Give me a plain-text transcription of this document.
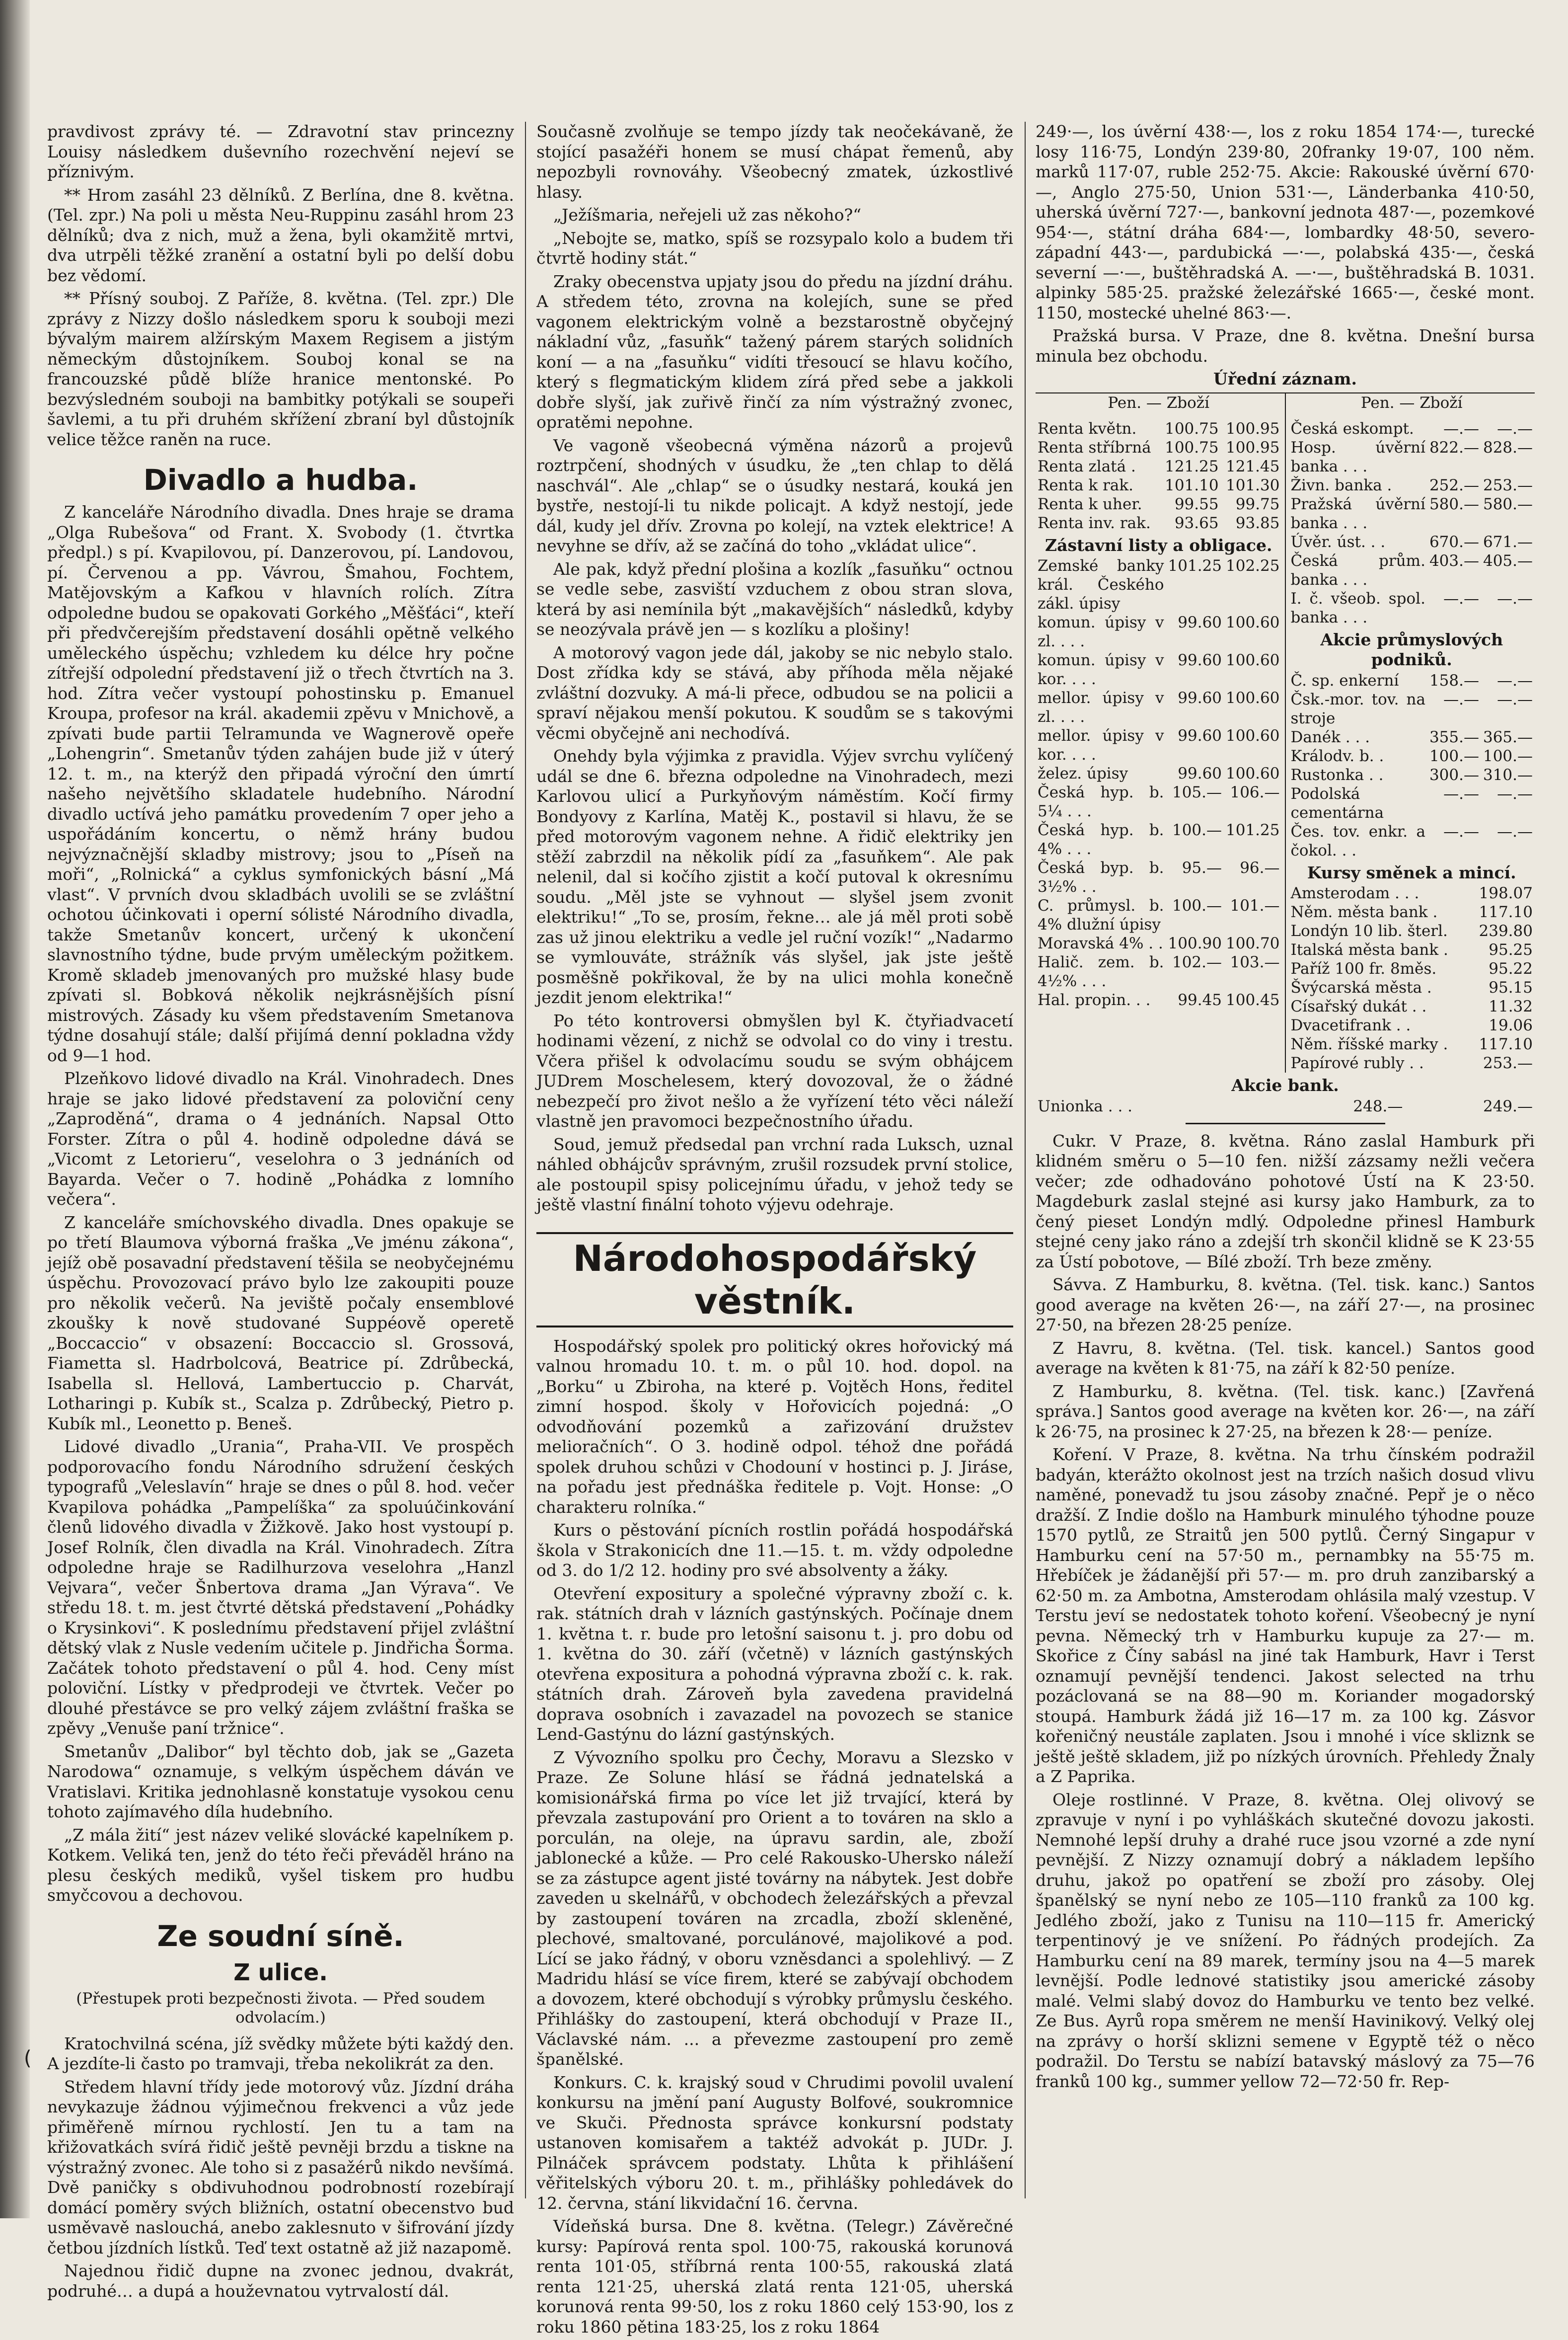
pravdivost zprávy té. — Zdravotní stav princezny Louisy následkem duševního rozechvění nejeví se příznivým.

** Hrom zasáhl 23 dělníků. Z Berlína, dne 8. května. (Tel. zpr.) Na poli u města Neu-Ruppinu zasáhl hrom 23 dělníků; dva z nich, muž a žena, byli okamžitě mrtvi, dva utrpěli těžké zranění a ostatní byli po delší dobu bez vědomí.

** Přísný souboj. Z Paříže, 8. května. (Tel. zpr.) Dle zprávy z Nizzy došlo následkem sporu k souboji mezi bývalým mairem alžírským Maxem Regisem a jistým německým důstojníkem. Souboj konal se na francouzské půdě blíže hranice mentonské. Po bezvýsledném souboji na bambitky potýkali se soupeři šavlemi, a tu při druhém skřížení zbraní byl důstojník velice těžce raněn na ruce.

Divadlo a hudba.

Z kanceláře Národního divadla. Dnes hraje se drama „Olga Rubešova“ od Frant. X. Svobody (1. čtvrtka předpl.) s pí. Kvapilovou, pí. Danzerovou, pí. Landovou, pí. Červenou a pp. Vávrou, Šmahou, Fochtem, Matějovským a Kafkou v hlavních rolích. Zítra odpoledne budou se opakovati Gorkého „Měšťáci“, kteří při předvčerejším představení dosáhli opětně velkého uměleckého úspěchu; vzhledem ku délce hry počne zítřejší odpolední představení již o třech čtvrtích na 3. hod. Zítra večer vystoupí pohostinsku p. Emanuel Kroupa, profesor na král. akademii zpěvu v Mnichově, a zpívati bude partii Telramunda ve Wagnerově opeře „Lohengrin“. Smetanův týden zahájen bude již v úterý 12. t. m., na kterýž den připadá výroční den úmrtí našeho největšího skladatele hudebního. Národní divadlo uctívá jeho památku provedením 7 oper jeho a uspořádáním koncertu, o němž hrány budou nejvýznačnější skladby mistrovy; jsou to „Píseň na moři“, „Rolnická“ a cyklus symfonických básní „Má vlast“. V prvních dvou skladbách uvolili se se zvláštní ochotou účinkovati i operní sólisté Národního divadla, takže Smetanův koncert, určený k ukončení slavnostního týdne, bude prvým uměleckým požitkem. Kromě skladeb jmenovaných pro mužské hlasy bude zpívati sl. Bobková několik nejkrásnějších písní mistrových. Zásady ku všem představením Smetanova týdne dosahují stále; další přijímá denní pokladna vždy od 9—1 hod.

Plzeňkovo lidové divadlo na Král. Vinohradech. Dnes hraje se jako lidové představení za poloviční ceny „Zaproděná“, drama o 4 jednáních. Napsal Otto Forster. Zítra o půl 4. hodině odpoledne dává se „Vicomt z Letorieru“, veselohra o 3 jednáních od Bayarda. Večer o 7. hodině „Pohádka z lomního večera“.

Z kanceláře smíchovského divadla. Dnes opakuje se po třetí Blaumova výborná fraška „Ve jménu zákona“, jejíž obě posavadní představení těšila se neobyčejnému úspěchu. Provozovací právo bylo lze zakoupiti pouze pro několik večerů. Na jeviště počaly ensemblové zkoušky k nově studované Suppéově operetě „Boccaccio“ v obsazení: Boccaccio sl. Grossová, Fiametta sl. Hadrbolcová, Beatrice pí. Zdrůbecká, Isabella sl. Hellová, Lambertuccio p. Charvát, Lotharingi p. Kubík st., Scalza p. Zdrůbecký, Pietro p. Kubík ml., Leonetto p. Beneš.

Lidové divadlo „Urania“, Praha-VII. Ve prospěch podporovacího fondu Národního sdružení českých typografů „Veleslavín“ hraje se dnes o půl 8. hod. večer Kvapilova pohádka „Pampelíška“ za spoluúčinkování členů lidového divadla v Žižkově. Jako host vystoupí p. Josef Rolník, člen divadla na Král. Vinohradech. Zítra odpoledne hraje se Radilhurzova veselohra „Hanzl Vejvara“, večer Šnbertova drama „Jan Výrava“. Ve středu 18. t. m. jest čtvrté dětská představení „Pohádky o Krysinkovi“. K poslednímu představení přijel zvláštní dětský vlak z Nusle vedením učitele p. Jindřicha Šorma. Začátek tohoto představení o půl 4. hod. Ceny míst poloviční. Lístky v předprodeji ve čtvrtek. Večer po dlouhé přestávce se pro velký zájem zvláštní fraška se zpěvy „Venuše paní tržnice“.

Smetanův „Dalibor“ byl těchto dob, jak se „Gazeta Narodowa“ oznamuje, s velkým úspěchem dáván ve Vratislavi. Kritika jednohlasně konstatuje vysokou cenu tohoto zajímavého díla hudebního.

„Z mála žití“ jest název veliké slovácké kapelníkem p. Kotkem. Veliká ten, jenž do této řeči převáděl hráno na plesu českých mediků, vyšel tiskem pro hudbu smyčcovou a dechovou.

Ze soudní síně.
Z ulice.
(Přestupek proti bezpečnosti života. — Před soudem odvolacím.)

Kratochvilná scéna, jíž svědky můžete býti každý den. A jezdíte-li často po tramvaji, třeba nekolikrát za den.

Středem hlavní třídy jede motorový vůz. Jízdní dráha nevykazuje žádnou výjimečnou frekvenci a vůz jede přiměřeně mírnou rychlostí. Jen tu a tam na křižovatkách svírá řidič ještě pevněji brzdu a tiskne na výstražný zvonec. Ale toho si z pasažérů nikdo nevšímá. Dvě paničky s obdivuhodnou podrobností rozebírají domácí poměry svých bližních, ostatní obecenstvo bud usměvavě naslouchá, anebo zaklesnuto v šifrování jízdy četbou jízdních lístků. Teď text ostatně až již nazapomě.

Najednou řidič dupne na zvonec jednou, dvakrát, podruhé… a dupá a houževnatou vytrvalostí dál.

Současně zvolňuje se tempo jízdy tak neočekávaně, že stojící pasažéři honem se musí chápat řemenů, aby nepozbyli rovnováhy. Všeobecný zmatek, úzkostlivé hlasy.

„Ježíšmaria, neřejeli už zas někoho?“

„Nebojte se, matko, spíš se rozsypalo kolo a budem tři čtvrtě hodiny stát.“

Zraky obecenstva upjaty jsou do předu na jízdní dráhu. A středem této, zrovna na kolejích, sune se před vagonem elektrickým volně a bezstarostně obyčejný nákladní vůz, „fasuňk“ tažený párem starých solidních koní — a na „fasuňku“ vidíti třesoucí se hlavu kočího, který s flegmatickým klidem zírá před sebe a jakkoli dobře slyší, jak zuřivě řinčí za ním výstražný zvonec, opratěmi nepohne.

Ve vagoně všeobecná výměna názorů a projevů roztrpčení, shodných v úsudku, že „ten chlap to dělá naschvál“. Ale „chlap“ se o úsudky nestará, kouká jen bystře, nestojí-li tu nikde policajt. A když nestojí, jede dál, kudy jel dřív. Zrovna po kolejí, na vztek elektrice! A nevyhne se dřív, až se začíná do toho „vkládat ulice“.

Ale pak, když přední plošina a kozlík „fasuňku“ octnou se vedle sebe, zasviští vzduchem z obou stran slova, která by asi nemínila být „makavějších“ následků, kdyby se neozývala právě jen — s kozlíku a plošiny!

A motorový vagon jede dál, jakoby se nic nebylo stalo. Dost zřídka kdy se stává, aby příhoda měla nějaké zvláštní dozvuky. A má-li přece, odbudou se na policii a spraví nějakou menší pokutou. K soudům se s takovými věcmi obyčejně ani nechodívá.

Onehdy byla výjimka z pravidla. Výjev svrchu vylíčený udál se dne 6. března odpoledne na Vinohradech, mezi Karlovou ulicí a Purkyňovým náměstím. Kočí firmy Bondyovy z Karlína, Matěj K., postavil si hlavu, že se před motorovým vagonem nehne. A řidič elektriky jen stěží zabrzdil na několik pídí za „fasuňkem“. Ale pak nelenil, dal si kočího zjistit a kočí putoval k okresnímu soudu. „Měl jste se vyhnout — slyšel jsem zvonit elektriku!“ „To se, prosím, řekne… ale já měl proti sobě zas už jinou elektriku a vedle jel ruční vozík!“ „Nadarmo se vymlouváte, strážník vás slyšel, jak jste ještě posměšně pokřikoval, že by na ulici mohla konečně jezdit jenom elektrika!“

Po této kontroversi obmyšlen byl K. čtyřiadvacetí hodinami vězení, z nichž se odvolal co do viny i trestu. Včera přišel k odvolacímu soudu se svým obhájcem JUDrem Moschelesem, který dovozoval, že o žádné nebezpečí pro život nešlo a že vyřízení této věci náleží vlastně jen pravomoci bezpečnostního úřadu.

Soud, jemuž předsedal pan vrchní rada Luksch, uznal náhled obhájcův správným, zrušil rozsudek první stolice, ale postoupil spisy policejnímu úřadu, v jehož tedy se ještě vlastní finální tohoto výjevu odehraje.

Národohospodářský věstník.

Hospodářský spolek pro politický okres hořovický má valnou hromadu 10. t. m. o půl 10. hod. dopol. na „Borku“ u Zbiroha, na které p. Vojtěch Hons, ředitel zimní hospod. školy v Hořovicích pojedná: „O odvodňování pozemků a zařizování družstev melioračních“. O 3. hodině odpol. téhož dne pořádá spolek druhou schůzi v Chodouní v hostinci p. J. Jiráse, na pořadu jest přednáška ředitele p. Vojt. Honse: „O charakteru rolníka.“

Kurs o pěstování pícních rostlin pořádá hospodářská škola v Strakonicích dne 11.—15. t. m. vždy odpoledne od 3. do 1/2 12. hodiny pro své absolventy a žáky.

Otevření expositury a společné výpravny zboží c. k. rak. státních drah v lázních gastýnských. Počínaje dnem 1. května t. r. bude pro letošní saisonu t. j. pro dobu od 1. května do 30. září (včetně) v lázních gastýnských otevřena expositura a pohodná výpravna zboží c. k. rak. státních drah. Zároveň byla zavedena pravidelná dopravа osobních i zavazadel na povozech se stanice Lend-Gastýnu do lázní gastýnských.

Z Vývozního spolku pro Čechy, Moravu a Slezsko v Praze. Ze Solune hlásí se řádná jednatelská a komisionářská firma po více let již trvající, která by převzala zastupování pro Orient a to továren na sklo a porculán, na oleje, na úpravu sardin, ale, zboží jablonecké a kůže. — Pro celé Rakousko-Uhersko náleží se za zástupce agent jisté továrny na nábytek. Jest dobře zaveden u skelnářů, v obchodech železářských a převzal by zastoupení továren na zrcadla, zboží skleněné, plechové, smaltované, porculánové, majolikové a pod. Lící se jako řádný, v oboru vzněsdanci a spolehlivý. — Z Madridu hlásí se více firem, které se zabývají obchodem a dovozem, které obchodují s výrobky průmyslu českého. Přihlášky do zastoupení, která obchodují v Praze II., Václavské nám. ... a převezme zastoupení pro země španělské.

Konkurs. C. k. krajský soud v Chrudimi povolil uvalení konkursu na jmění paní Augusty Bolfové, soukromnice ve Skuči. Přednosta správce konkursní podstaty ustanoven komisařem a taktéž advokát p. JUDr. J. Pilnáček správcem podstaty. Lhůta k přihlášení věřitelských výboru 20. t. m., přihlášky pohledávek do 12. června, stání likvidační 16. června.

Vídeňská bursa. Dne 8. května. (Telegr.) Závěrečné kursy: Papírová renta spol. 100·75, rakouská korunová renta 101·05, stříbrná renta 100·55, rakouská zlatá renta 121·25, uherská zlatá renta 121·05, uherská korunová renta 99·50, los z roku 1860 celý 153·90, los z roku 1860 pětina 183·25, los z roku 1864

249·—, los úvěrní 438·—, los z roku 1854 174·—, turecké losy 116·75, Londýn 239·80, 20franky 19·07, 100 něm. marků 117·07, ruble 252·75. Akcie: Rakouské úvěrní 670·—, Anglo 275·50, Union 531·—, Länderbanka 410·50, uherská úvěrní 727·—, bankovní jednota 487·—, pozemkové 954·—, státní dráha 684·—, lombardky 48·50, severo-západní 443·—, pardubická —·—, polabská 435·—, česká severní —·—, buštěhradská A. —·—, buštěhradská B. 1031. alpinky 585·25. pražské železářské 1665·—, české mont. 1150, mostecké uhelné 863·—.

Pražská bursa. V Praze, dne 8. května. Dnešní bursa minula bez obchodu.

Úřední záznam.
Pen. — Zboží
Renta květn.	100.75	100.95
Renta stříbrná	100.75	100.95
Renta zlatá .	121.25	121.45
Renta k rak.	101.10	101.30
Renta k uher.	99.55	99.75
Renta inv. rak.	93.65	93.85
Zástavní listy a obligace.
Zemské banky král. Českého zákl. úpisy	101.25	102.25
komun. úpisy v zl. . . .	99.60	100.60
komun. úpisy v kor. . . .	99.60	100.60
mellor. úpisy v zl. . . .	99.60	100.60
mellor. úpisy v kor. . . .	99.60	100.60
želez. úpisy	99.60	100.60
Česká hyp. b. 5¼ . . .	105.—	106.—
Česká hyp. b. 4% . . .	100.—	101.25
Česká byp. b. 3½% . .	95.—	96.—
C. průmysl. b. 4% dlužní úpisy	100.—	101.—
Moravská 4% . .	100.90	100.70
Halič. zem. b. 4½% . . .	102.—	103.—
Hal. propin. . .	99.45	100.45
Pen. — Zboží
Česká eskompt.	—.—	—.—
Hosp. úvěrní banka . . .	822.—	828.—
Živn. banka .	252.—	253.—
Pražská úvěrní banka . . .	580.—	580.—
Úvěr. úst. . .	670.—	671.—
Česká prům. banka . . .	403.—	405.—
I. č. všeob. spol. banka . . .	—.—	—.—
Akcie průmyslových podniků.
Č. sp. enkerní	158.—	—.—
Čsk.-mor. tov. na stroje	—.—	—.—
Danék . . .	355.—	365.—
Králodv. b. .	100.—	100.—
Rustonka . .	300.—	310.—
Podolská cementárna	—.—	—.—
Čes. tov. enkr. a čokol. . .	—.—	—.—
Kursy směnek a mincí.
Amsterodam . . .	198.07
Něm. města bank .	117.10
Londýn 10 lib. šterl.	239.80
Italská města bank .	95.25
Paříž 100 fr. 8měs.	95.22
Švýcarská města .	95.15
Císařský dukát . .	11.32
Dvacetifrank . .	19.06
Něm. říšské marky .	117.10
Papírové rubly . .	253.—
Akcie bank.
Unionka . . .	248.—	249.—

Cukr. V Praze, 8. května. Ráno zaslal Hamburk při klidném směru o 5—10 fen. nižší zázsamy nežli večera večer; zde odhadováno pohotové Ústí na K 23·50. Magdeburk zaslal stejné asi kursy jako Hamburk, za to čený pieset Londýn mdlý. Odpoledne přinesl Hamburk stejné ceny jako ráno a zdejší trh skončil klidně se K 23·55 za Ústí pobotove, — Bílé zboží. Trh beze změny.

Sávva. Z Hamburku, 8. května. (Tel. tisk. kanc.) Santos good average na květen 26·—, na září 27·—, na prosinec 27·50, na březen 28·25 peníze.

Z Havru, 8. května. (Tel. tisk. kancel.) Santos good average na květen k 81·75, na září k 82·50 peníze.

Z Hamburku, 8. května. (Tel. tisk. kanc.) [Zavřená správa.] Santos good average na květen kor. 26·—, na září k 26·75, na prosinec k 27·25, na březen k 28·— peníze.

Koření. V Praze, 8. května. Na trhu čínském podražil badyán, kterážto okolnost jest na trzích našich dosud vlivu naměné, ponevadž tu jsou zásoby značné. Pepř je o něco dražší. Z Indie došlo na Hamburk minulého týhodne pouze 1570 pytlů, ze Straitů jen 500 pytlů. Černý Singapur v Hamburku cení na 57·50 m., pernambky na 55·75 m. Hřebíček je žádanější při 57·— m. pro druh zanzibarský a 62·50 m. za Ambotna, Amsterodam ohlásila malý vzestup. V Terstu jeví se nedostatek tohoto koření. Všeobecný je nyní pevna. Německý trh v Hamburku kupuje za 27·— m. Skořice z Číny sabásl na jiné tak Hamburk, Havr i Terst oznamují pevnější tendenci. Jakost selected na trhu pozáclovaná se na 88—90 m. Koriander mogadorský stoupá. Hamburk žádá již 16—17 m. za 100 kg. Zásvor kořeničný neustále zaplaten. Jsou i mnohé i více skliznk se ještě ještě skladem, již po nízkých úrovních. Přehledy Žnaly a Z Paprika.

Oleje rostlinné. V Praze, 8. května. Olej olivový se zpravuje v nyní i po vyhláškách skutečné dovozu jakosti. Nemnohé lepší druhy a drahé ruce jsou vzorné a zde nyní pevnější. Z Nizzy oznamují dobrý a nákladem lepšího druhu, jakož po opatření se zboží pro zásoby. Olej španělský se nyní nebo ze 105—110 franků za 100 kg. Jedlého zboží, jako z Tunisu na 110—115 fr. Americký terpentinový je ve snížení. Po řádných prodejích. Za Hamburku cení na 89 marek, termíny jsou na 4—5 marek levnější. Podle lednové statistiky jsou americké zásoby malé. Velmi slabý dovoz do Hamburku ve tento bez velké. Ze Bus. Ayrů ropa směrem ne menší Havinikový. Velký olej na zprávy o horší sklizni semene v Egyptě též o něco podražil. Do Terstu se nabízí batavský máslový za 75—76 franků 100 kg., summer yellow 72—72·50 fr. Rep-

(
